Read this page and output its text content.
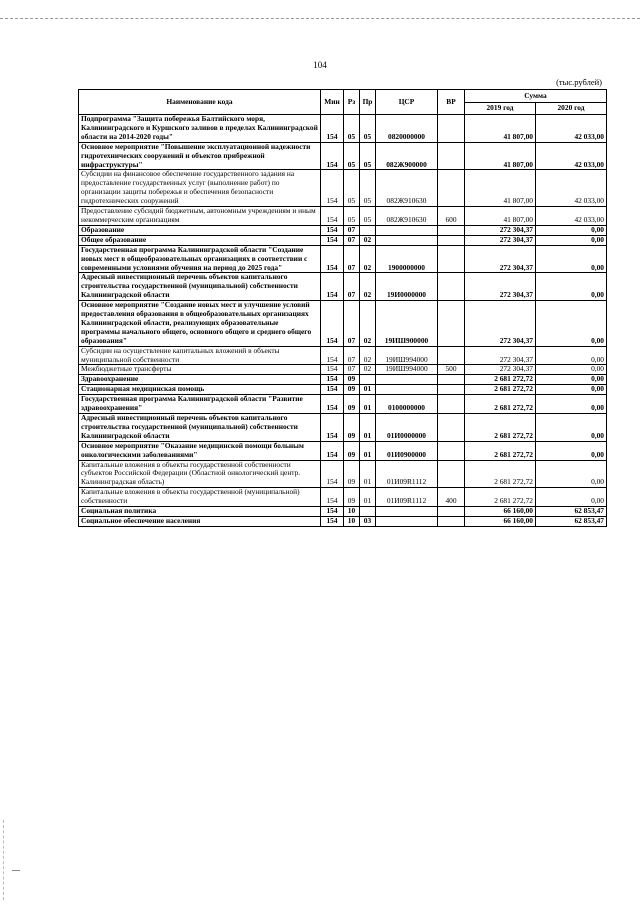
104
(тыс.рублей)
Наименование кода	Мин	Рз	Пр	ЦСР	ВР	Сумма	
						2019 год	2020 год
Подпрограмма "Защита побережья Балтийского моря, Калининградского и Куршского заливов в пределах Калининградской области на 2014-2020 годы"	154	05	05	0820000000		41 807,00	42 033,00
Основное мероприятие "Повышение эксплуатационной надежности гидротехнических сооружений и объектов прибрежной инфраструктуры"	154	05	05	082Ж900000		41 807,00	42 033,00
Субсидии на финансовое обеспечение государственного задания на предоставление государственных услуг (выполнение работ) по организации защиты побережья и обеспечения безопасности гидротехнических сооружений	154	05	05	082Ж910630		41 807,00	42 033,00
Предоставление субсидий бюджетным, автономным учреждениям и иным некоммерческим организациям	154	05	05	082Ж910630	600	41 807,00	42 033,00
Образование	154	07				272 304,37	0,00
Общее образование	154	07	02			272 304,37	0,00
Государственная программа Калининградской области "Создание новых мест в общеобразовательных организациях в соответствии с современными условиями обучения на период до 2025 года"	154	07	02	1900000000		272 304,37	0,00
Адресный инвестиционный перечень объектов капитального строительства государственной (муниципальной) собственности Калининградской области	154	07	02	19И0000000		272 304,37	0,00
Основное мероприятие "Создание новых мест и улучшение условий предоставления образования в общеобразовательных организациях Калининградской области, реализующих образовательные программы начального общего, основного общего и среднего общего образования"	154	07	02	19ИШ900000		272 304,37	0,00
Субсидии на осуществление капитальных вложений в объекты муниципальной собственности	154	07	02	19ИШ994000		272 304,37	0,00
Межбюджетные трансферты	154	07	02	19ИШ994000	500	272 304,37	0,00
Здравоохранение	154	09				2 681 272,72	0,00
Стационарная медицинская помощь	154	09	01			2 681 272,72	0,00
Государственная программа Калининградской области "Развитие здравоохранения"	154	09	01	0100000000		2 681 272,72	0,00
Адресный инвестиционный перечень объектов капитального строительства государственной (муниципальной) собственности Калининградской области	154	09	01	01И0000000		2 681 272,72	0,00
Основное мероприятие "Оказание медицинской помощи больным онкологическими заболеваниями"	154	09	01	01И0900000		2 681 272,72	0,00
Капитальные вложения в объекты государственной собственности субъектов Российской Федерации (Областной онкологический центр. Калининградская область)	154	09	01	01И09R1112		2 681 272,72	0,00
Капитальные вложения в объекты государственной (муниципальной) собственности	154	09	01	01И09R1112	400	2 681 272,72	0,00
Социальная политика	154	10				66 160,00	62 853,47
Социальное обеспечение населения	154	10	03			66 160,00	62 853,47
